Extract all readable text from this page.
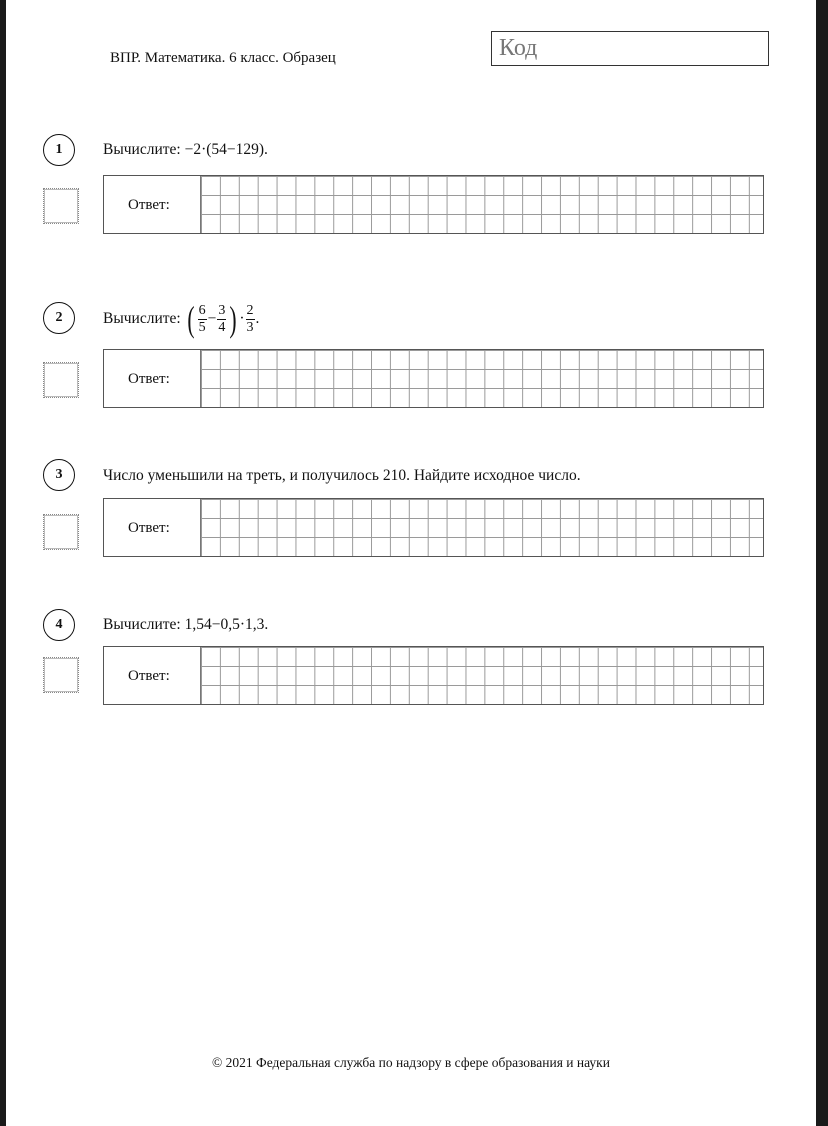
ВПР. Математика. 6 класс. Образец	Код
1	Вычислите: −2·(54−129).
Ответ:
2	Вычислите:
( $\frac{6}{5} - \frac{3}{4}$ ) · $\frac{2}{3}$ .
Ответ:
3	Число уменьшили на треть, и получилось 210. Найдите исходное число.
Ответ:
4	Вычислите: 1,54−0,5·1,3.
Ответ:
© 2021 Федеральная служба по надзору в сфере образования и науки
